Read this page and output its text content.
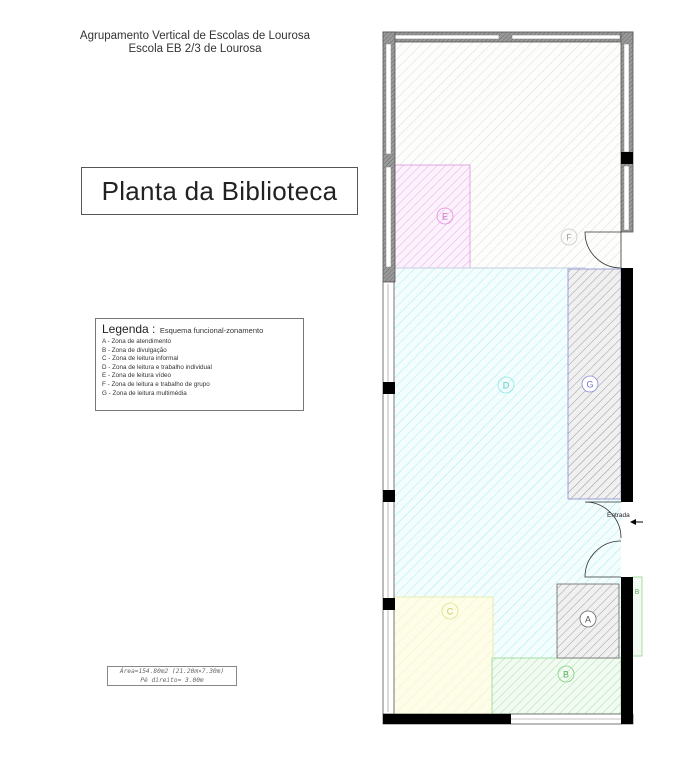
Agrupamento Vertical de Escolas de Lourosa
Escola EB 2/3 de Lourosa
Planta da Biblioteca
Legenda : Esquema funcional-zonamento
A - Zona de atendimento
B - Zona de divulgação
C - Zona de leitura informal
D - Zona de leitura e trabalho individual
E - Zona de leitura vídeo
F - Zona de leitura e trabalho de grupo
G - Zona de leitura multimédia
Área=154.80m2 (21.20m×7.30m)
Pé direito= 3.00m
E
F
D	G
C
A
B
B
Entrada
